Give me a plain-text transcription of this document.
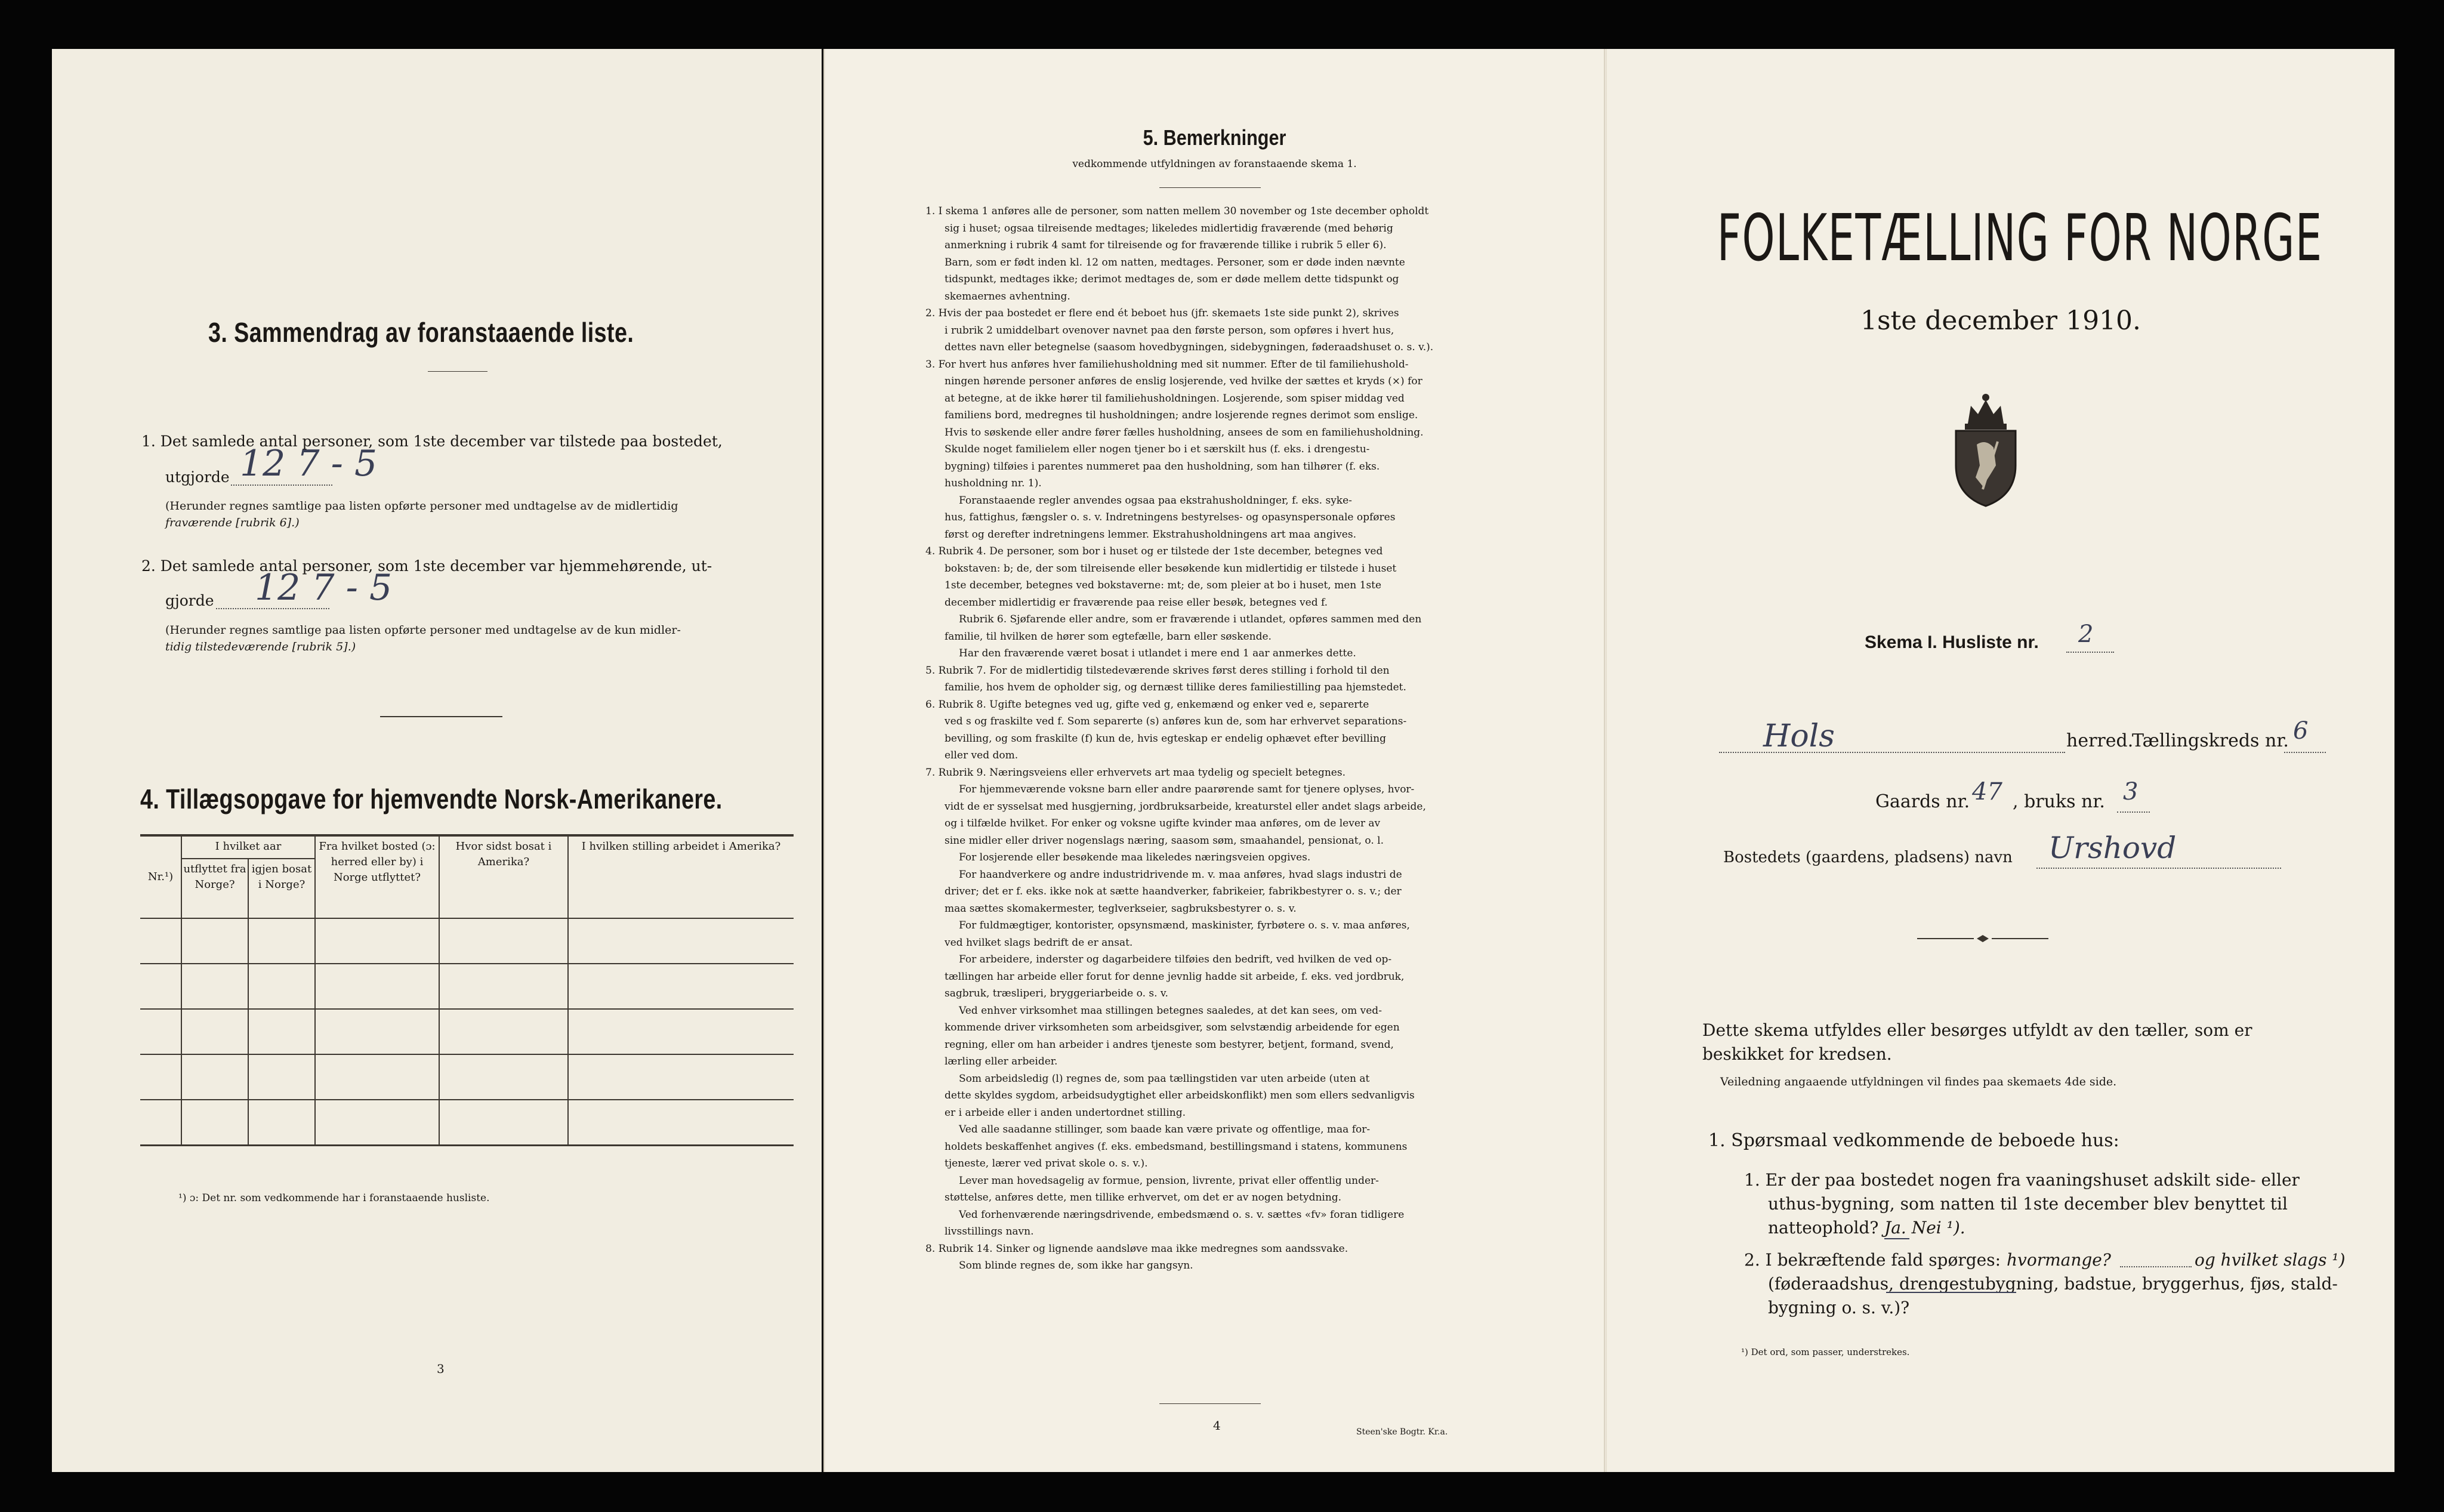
3. Sammendrag av foranstaaende liste.
1. Det samlede antal personer, som 1ste december var tilstede paa bostedet,
utgjorde 12 7 - 5
(Herunder regnes samtlige paa listen opførte personer med undtagelse av de midlertidig
fraværende [rubrik 6].)
2. Det samlede antal personer, som 1ste december var hjemmehørende, ut-
gjorde 12 7 - 5
(Herunder regnes samtlige paa listen opførte personer med undtagelse av de kun midler-
tidig tilstedeværende [rubrik 5].)
4. Tillægsopgave for hjemvendte Norsk-Amerikanere.
Nr.¹)	I hvilket aar		Fra hvilket bosted (ɔ: herred eller by) i Norge utflyttet?	Hvor sidst bosat i Amerika?	I hvilken stilling arbeidet i Amerika?
	utflyttet fra Norge?	igjen bosat i Norge?			

¹) ɔ: Det nr. som vedkommende har i foranstaaende husliste.
3
5. Bemerkninger
vedkommende utfyldningen av foranstaaende skema 1.
1. I skema 1 anføres alle de personer, som natten mellem 30 november og 1ste december opholdt
sig i huset; ogsaa tilreisende medtages; likeledes midlertidig fraværende (med behørig
anmerkning i rubrik 4 samt for tilreisende og for fraværende tillike i rubrik 5 eller 6).
Barn, som er født inden kl. 12 om natten, medtages. Personer, som er døde inden nævnte
tidspunkt, medtages ikke; derimot medtages de, som er døde mellem dette tidspunkt og
skemaernes avhentning.
2. Hvis der paa bostedet er flere end ét beboet hus (jfr. skemaets 1ste side punkt 2), skrives
i rubrik 2 umiddelbart ovenover navnet paa den første person, som opføres i hvert hus,
dettes navn eller betegnelse (saasom hovedbygningen, sidebygningen, føderaadshuset o. s. v.).
3. For hvert hus anføres hver familiehusholdning med sit nummer. Efter de til familiehushold-
ningen hørende personer anføres de enslig losjerende, ved hvilke der sættes et kryds (×) for
at betegne, at de ikke hører til familiehusholdningen. Losjerende, som spiser middag ved
familiens bord, medregnes til husholdningen; andre losjerende regnes derimot som enslige.
Hvis to søskende eller andre fører fælles husholdning, ansees de som en familiehusholdning.
Skulde noget familielem eller nogen tjener bo i et særskilt hus (f. eks. i drengestu-
bygning) tilføies i parentes nummeret paa den husholdning, som han tilhører (f. eks.
husholdning nr. 1).
Foranstaaende regler anvendes ogsaa paa ekstrahusholdninger, f. eks. syke-
hus, fattighus, fængsler o. s. v. Indretningens bestyrelses- og opasynspersonale opføres
først og derefter indretningens lemmer. Ekstrahusholdningens art maa angives.
4. Rubrik 4. De personer, som bor i huset og er tilstede der 1ste december, betegnes ved
bokstaven: b; de, der som tilreisende eller besøkende kun midlertidig er tilstede i huset
1ste december, betegnes ved bokstaverne: mt; de, som pleier at bo i huset, men 1ste
december midlertidig er fraværende paa reise eller besøk, betegnes ved f.
Rubrik 6. Sjøfarende eller andre, som er fraværende i utlandet, opføres sammen med den
familie, til hvilken de hører som egtefælle, barn eller søskende.
Har den fraværende været bosat i utlandet i mere end 1 aar anmerkes dette.
5. Rubrik 7. For de midlertidig tilstedeværende skrives først deres stilling i forhold til den
familie, hos hvem de opholder sig, og dernæst tillike deres familiestilling paa hjemstedet.
6. Rubrik 8. Ugifte betegnes ved ug, gifte ved g, enkemænd og enker ved e, separerte
ved s og fraskilte ved f. Som separerte (s) anføres kun de, som har erhvervet separations-
bevilling, og som fraskilte (f) kun de, hvis egteskap er endelig ophævet efter bevilling
eller ved dom.
7. Rubrik 9. Næringsveiens eller erhvervets art maa tydelig og specielt betegnes.
For hjemmeværende voksne barn eller andre paarørende samt for tjenere oplyses, hvor-
vidt de er sysselsat med husgjerning, jordbruksarbeide, kreaturstel eller andet slags arbeide,
og i tilfælde hvilket. For enker og voksne ugifte kvinder maa anføres, om de lever av
sine midler eller driver nogenslags næring, saasom søm, smaahandel, pensionat, o. l.
For losjerende eller besøkende maa likeledes næringsveien opgives.
For haandverkere og andre industridrivende m. v. maa anføres, hvad slags industri de
driver; det er f. eks. ikke nok at sætte haandverker, fabrikeier, fabrikbestyrer o. s. v.; der
maa sættes skomakermester, teglverkseier, sagbruksbestyrer o. s. v.
For fuldmægtiger, kontorister, opsynsmænd, maskinister, fyrbøtere o. s. v. maa anføres,
ved hvilket slags bedrift de er ansat.
For arbeidere, inderster og dagarbeidere tilføies den bedrift, ved hvilken de ved op-
tællingen har arbeide eller forut for denne jevnlig hadde sit arbeide, f. eks. ved jordbruk,
sagbruk, træsliperi, bryggeriarbeide o. s. v.
Ved enhver virksomhet maa stillingen betegnes saaledes, at det kan sees, om ved-
kommende driver virksomheten som arbeidsgiver, som selvstændig arbeidende for egen
regning, eller om han arbeider i andres tjeneste som bestyrer, betjent, formand, svend,
lærling eller arbeider.
Som arbeidsledig (l) regnes de, som paa tællingstiden var uten arbeide (uten at
dette skyldes sygdom, arbeidsudygtighet eller arbeidskonflikt) men som ellers sedvanligvis
er i arbeide eller i anden undertordnet stilling.
Ved alle saadanne stillinger, som baade kan være private og offentlige, maa for-
holdets beskaffenhet angives (f. eks. embedsmand, bestillingsmand i statens, kommunens
tjeneste, lærer ved privat skole o. s. v.).
Lever man hovedsagelig av formue, pension, livrente, privat eller offentlig under-
støttelse, anføres dette, men tillike erhvervet, om det er av nogen betydning.
Ved forhenværende næringsdrivende, embedsmænd o. s. v. sættes «fv» foran tidligere
livsstillings navn.
8. Rubrik 14. Sinker og lignende aandsløve maa ikke medregnes som aandssvake.
Som blinde regnes de, som ikke har gangsyn.
4	Steen'ske Bogtr. Kr.a.
FOLKETÆLLING FOR NORGE
1ste december 1910.
Skema I. Husliste nr. 2
Hols	herred.
Tællingskreds nr. 6
Gaards nr. 47 , bruks nr. 3
Bostedets (gaardens, pladsens) navn Urshovd
Dette skema utfyldes eller besørges utfyldt av den tæller, som er
beskikket for kredsen.
Veiledning angaaende utfyldningen vil findes paa skemaets 4de side.
1. Spørsmaal vedkommende de beboede hus:
1. Er der paa bostedet nogen fra vaaningshuset adskilt side- eller
uthus-bygning, som natten til 1ste december blev benyttet til
natteophold? Ja. Nei ¹).
2. I bekræftende fald spørges: hvormange?	og hvilket slags ¹)
(føderaadshus, drengestubygning, badstue, bryggerhus, fjøs, stald-
bygning o. s. v.)?
¹) Det ord, som passer, understrekes.
